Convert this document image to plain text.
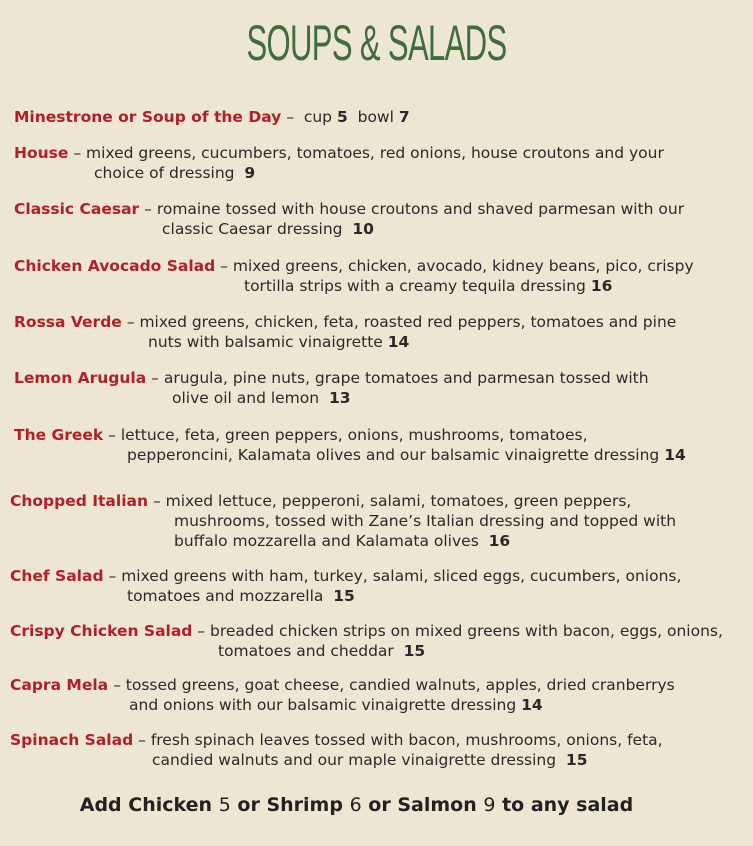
SOUPS & SALADS
Minestrone or Soup of the Day –  cup 5 bowl 7
House – mixed greens, cucumbers, tomatoes, red onions, house croutons and your
choice of dressing 9
Classic Caesar – romaine tossed with house croutons and shaved parmesan with our
classic Caesar dressing 10
Chicken Avocado Salad – mixed greens, chicken, avocado, kidney beans, pico, crispy
tortilla strips with a creamy tequila dressing 16
Rossa Verde – mixed greens, chicken, feta, roasted red peppers, tomatoes and pine
nuts with balsamic vinaigrette 14
Lemon Arugula – arugula, pine nuts, grape tomatoes and parmesan tossed with
olive oil and lemon 13
The Greek – lettuce, feta, green peppers, onions, mushrooms, tomatoes,
pepperoncini, Kalamata olives and our balsamic vinaigrette dressing 14
Chopped Italian – mixed lettuce, pepperoni, salami, tomatoes, green peppers,
mushrooms, tossed with Zane’s Italian dressing and topped with
buffalo mozzarella and Kalamata olives 16
Chef Salad – mixed greens with ham, turkey, salami, sliced eggs, cucumbers, onions,
tomatoes and mozzarella 15
Crispy Chicken Salad – breaded chicken strips on mixed greens with bacon, eggs, onions,
tomatoes and cheddar 15
Capra Mela – tossed greens, goat cheese, candied walnuts, apples, dried cranberrys
and onions with our balsamic vinaigrette dressing 14
Spinach Salad – fresh spinach leaves tossed with bacon, mushrooms, onions, feta,
candied walnuts and our maple vinaigrette dressing 15
Add Chicken 5 or Shrimp 6 or Salmon 9 to any salad
